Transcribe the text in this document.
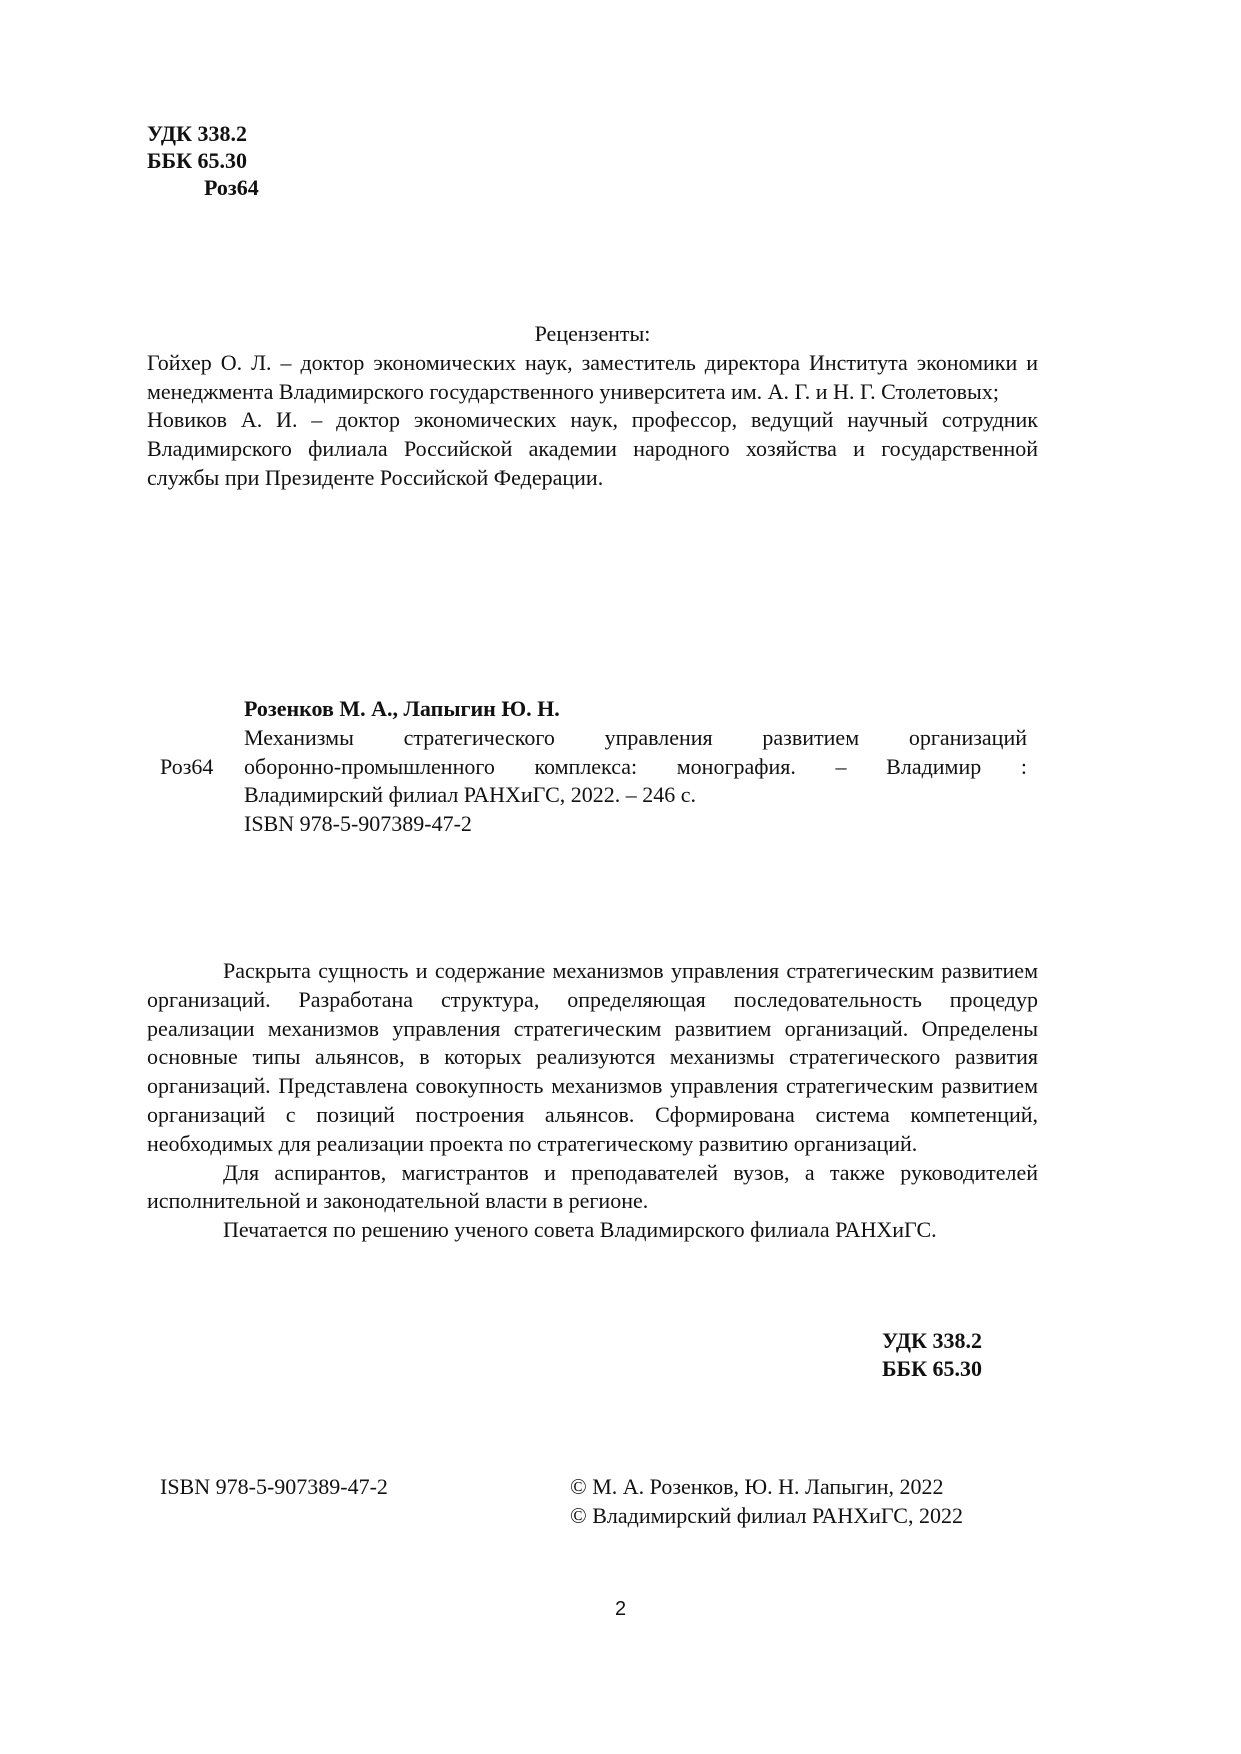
УДК 338.2
ББК 65.30
Роз64

Рецензенты:

Гойхер О. Л. – доктор экономических наук, заместитель директора Института экономики и менеджмента Владимирского государственного университета им. А. Г. и Н. Г. Столетовых;

Новиков А. И. – доктор экономических наук, профессор, ведущий научный сотрудник Владимирского филиала Российской академии народного хозяйства и государственной службы при Президенте Российской Федерации.

Роз64
Розенков М. А., Лапыгин Ю. Н.
Механизмы стратегического управления развитием организаций
оборонно-промышленного комплекса: монография. – Владимир :
Владимирский филиал РАНХиГС, 2022. – 246 с.
ISBN 978-5-907389-47-2

Раскрыта сущность и содержание механизмов управления стратегическим развитием организаций. Разработана структура, определяющая последовательность процедур реализации механизмов управления стратегическим развитием организаций. Определены основные типы альянсов, в которых реализуются механизмы стратегического развития организаций. Представлена совокупность механизмов управления стратегическим развитием организаций с позиций построения альянсов. Сформирована система компетенций, необходимых для реализации проекта по стратегическому развитию организаций.

Для аспирантов, магистрантов и преподавателей вузов, а также руководителей исполнительной и законодательной власти в регионе.

Печатается по решению ученого совета Владимирского филиала РАНХиГС.

УДК 338.2
ББК 65.30
ISBN 978-5-907389-47-2	© М. А. Розенков, Ю. Н. Лапыгин, 2022
© Владимирский филиал РАНХиГС, 2022
2
